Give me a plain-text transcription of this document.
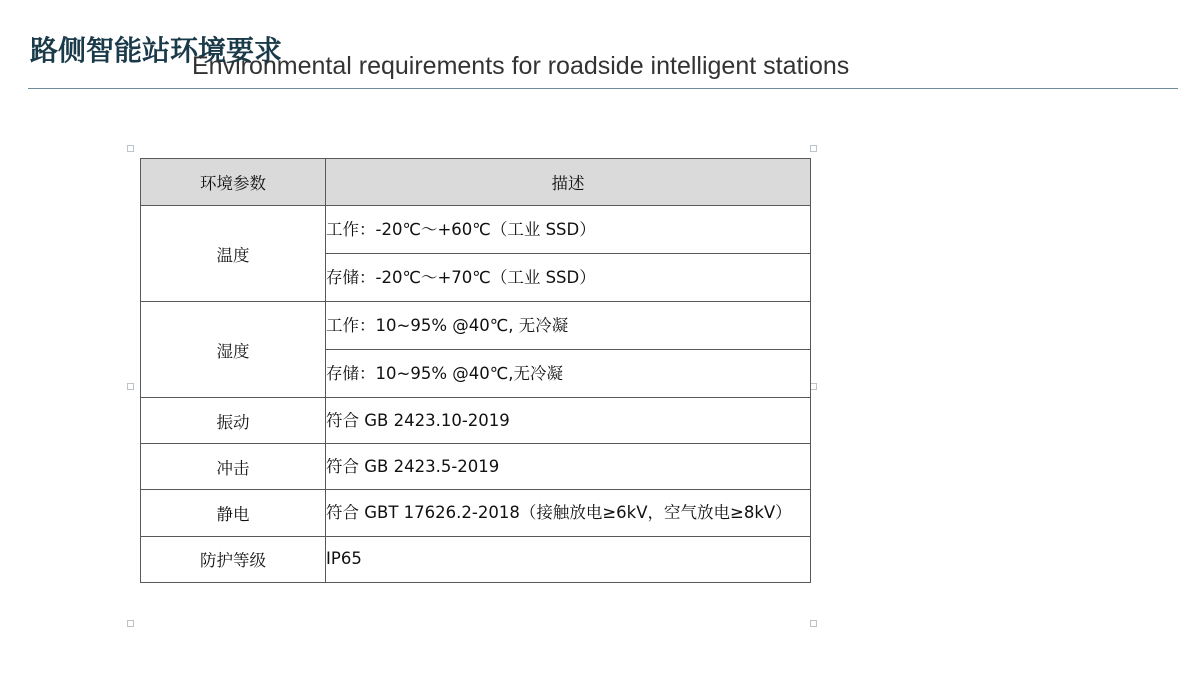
路侧智能站环境要求
Environmental requirements for roadside intelligent stations
环境参数	描述
温度	工作：-20℃～+60℃（工业 SSD）
	存储：-20℃～+70℃（工业 SSD）
湿度	工作：10~95% @40℃, 无冷凝
	存储：10~95% @40℃,无冷凝
振动	符合 GB 2423.10-2019
冲击	符合 GB 2423.5-2019
静电	符合 GBT 17626.2-2018（接触放电≥6kV，空气放电≥8kV）
防护等级	IP65
